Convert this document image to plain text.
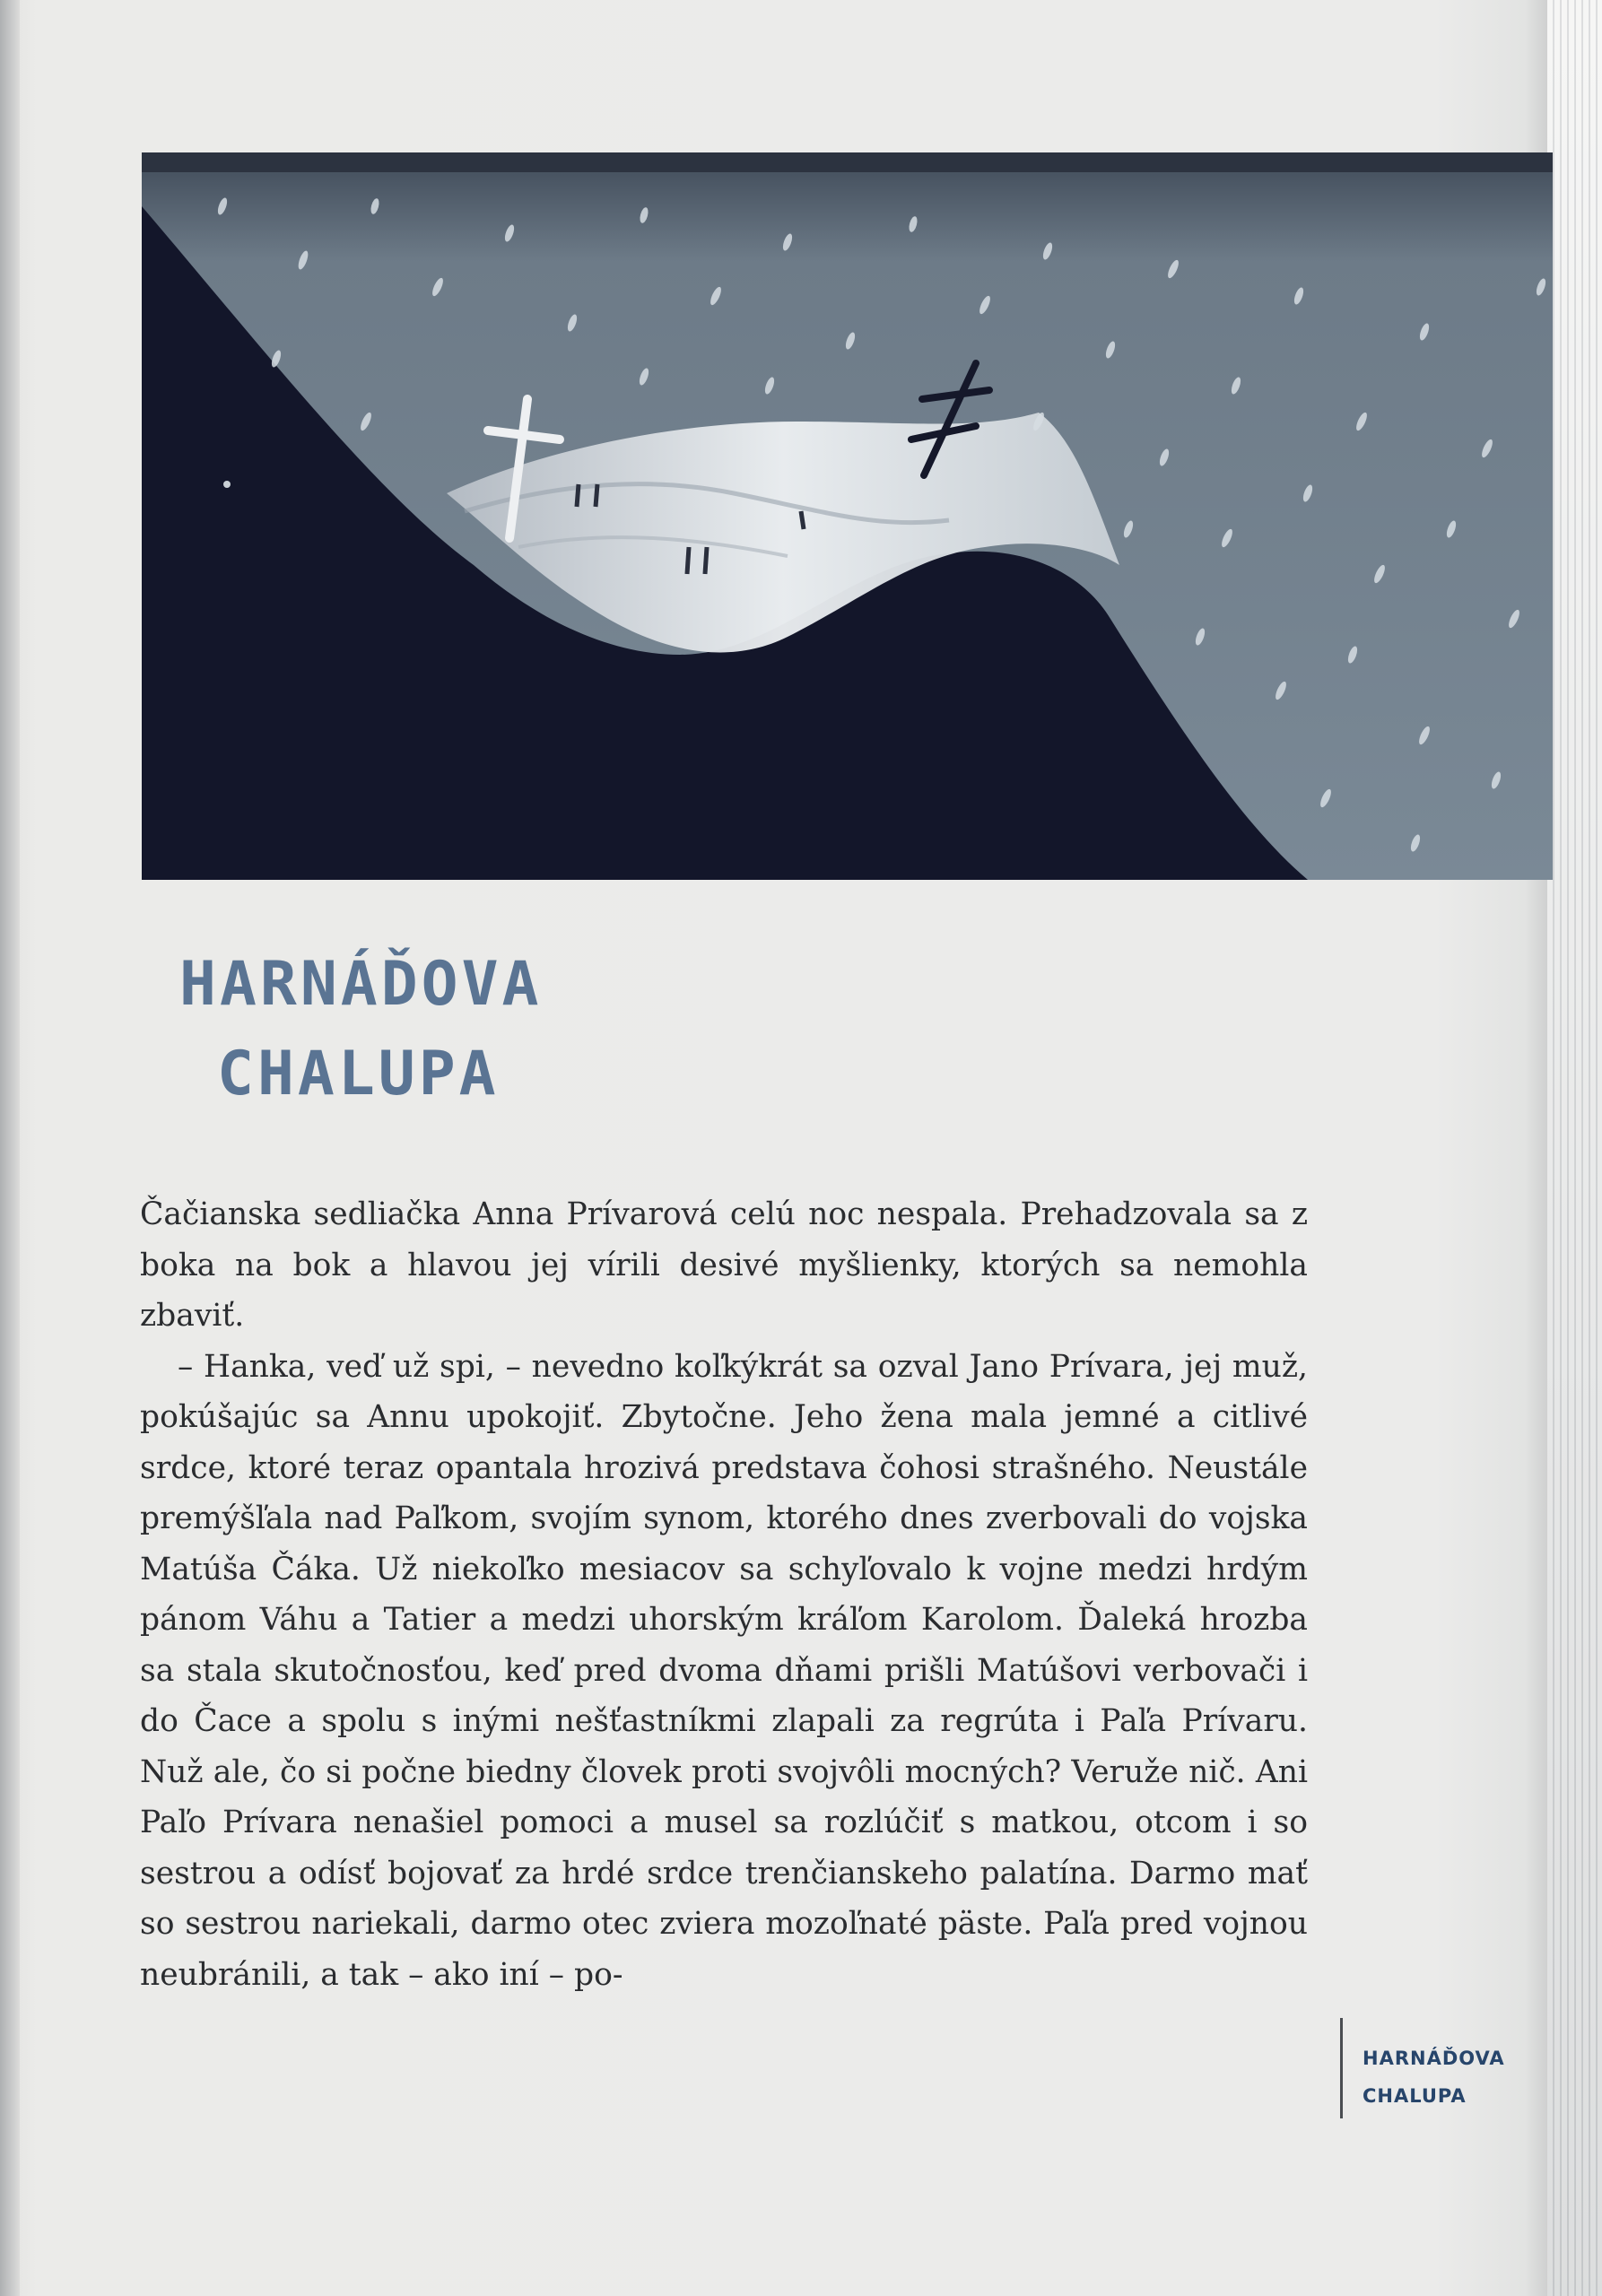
HARNÁĎOVA
CHALUPA

Čačianska sedliačka Anna Prívarová celú noc nespala. Prehadzovala sa z boka na bok a hlavou jej vírili desivé myšlienky, ktorých sa nemohla zbaviť.

– Hanka, veď už spi, – nevedno koľkýkrát sa ozval Jano Prívara, jej muž, pokúšajúc sa Annu upokojiť. Zbytočne. Jeho žena mala jemné a citlivé srdce, ktoré teraz opantala hrozivá predstava čohosi strašného. Neustále premýšľala nad Paľkom, svojím synom, ktorého dnes zverbovali do vojska Matúša Čáka. Už niekoľko mesiacov sa schyľovalo k vojne medzi hrdým pánom Váhu a Tatier a medzi uhorským kráľom Karolom. Ďaleká hrozba sa stala skutočnosťou, keď pred dvoma dňami prišli Matúšovi verbovači i do Čace a spolu s inými nešťastníkmi zlapali za regrúta i Paľa Prívaru. Nuž ale, čo si počne biedny človek proti svojvôli mocných? Veruže nič. Ani Paľo Prívara nenašiel pomoci a musel sa rozlúčiť s matkou, otcom i so sestrou a odísť bojovať za hrdé srdce trenčianskeho palatína. Darmo mať so sestrou nariekali, darmo otec zviera mozoľnaté päste. Paľa pred vojnou neubránili, a tak – ako iní – po-

HARNÁĎOVA
CHALUPA
